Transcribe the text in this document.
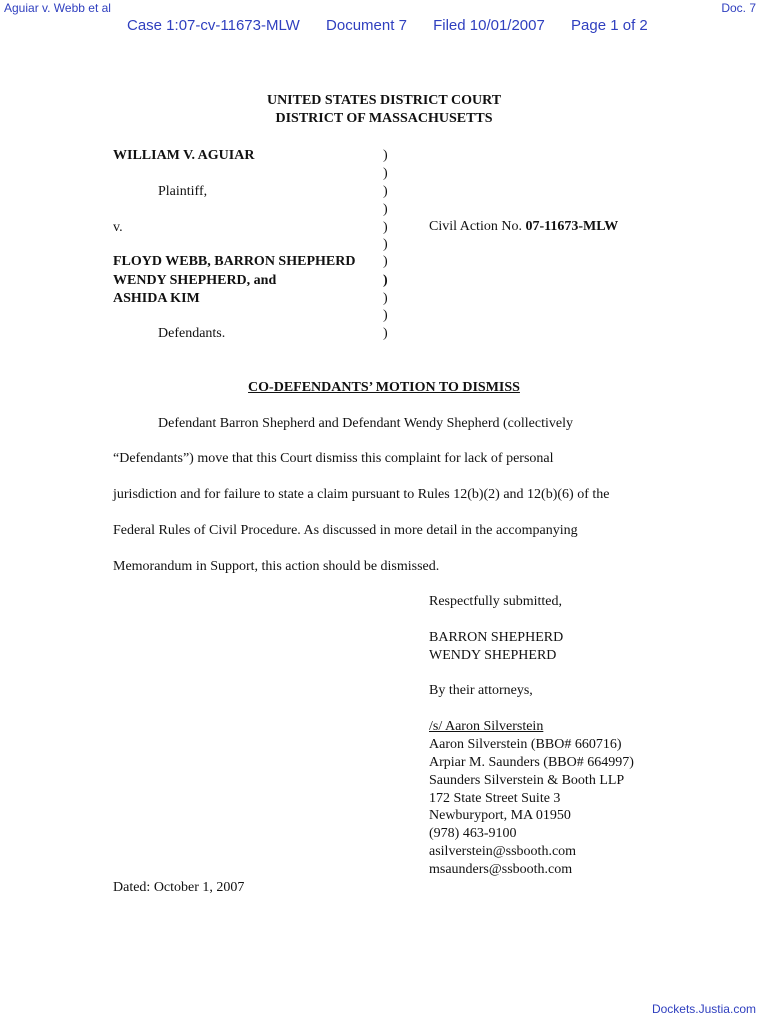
Aguiar v. Webb et al	Doc. 7
Case 1:07-cv-11673-MLW Document 7 Filed 10/01/2007 Page 1 of 2
UNITED STATES DISTRICT COURT
DISTRICT OF MASSACHUSETTS
WILLIAM V. AGUIAR
Plaintiff,
v.
FLOYD WEBB, BARRON SHEPHERD
WENDY SHEPHERD, and
ASHIDA KIM
Defendants.
)
)
)
)
)
)
)
)
)
)
)
Civil Action No. 07-11673-MLW
CO-DEFENDANTS’ MOTION TO DISMISS
Defendant Barron Shepherd and Defendant Wendy Shepherd (collectively
“Defendants”) move that this Court dismiss this complaint for lack of personal
jurisdiction and for failure to state a claim pursuant to Rules 12(b)(2) and 12(b)(6) of the
Federal Rules of Civil Procedure. As discussed in more detail in the accompanying
Memorandum in Support, this action should be dismissed.
Respectfully submitted,
BARRON SHEPHERD
WENDY SHEPHERD
By their attorneys,
/s/ Aaron Silverstein
Aaron Silverstein (BBO# 660716)
Arpiar M. Saunders (BBO# 664997)
Saunders Silverstein & Booth LLP
172 State Street Suite 3
Newburyport, MA 01950
(978) 463-9100
asilverstein@ssbooth.com
msaunders@ssbooth.com
Dated: October 1, 2007
Dockets.Justia.com
